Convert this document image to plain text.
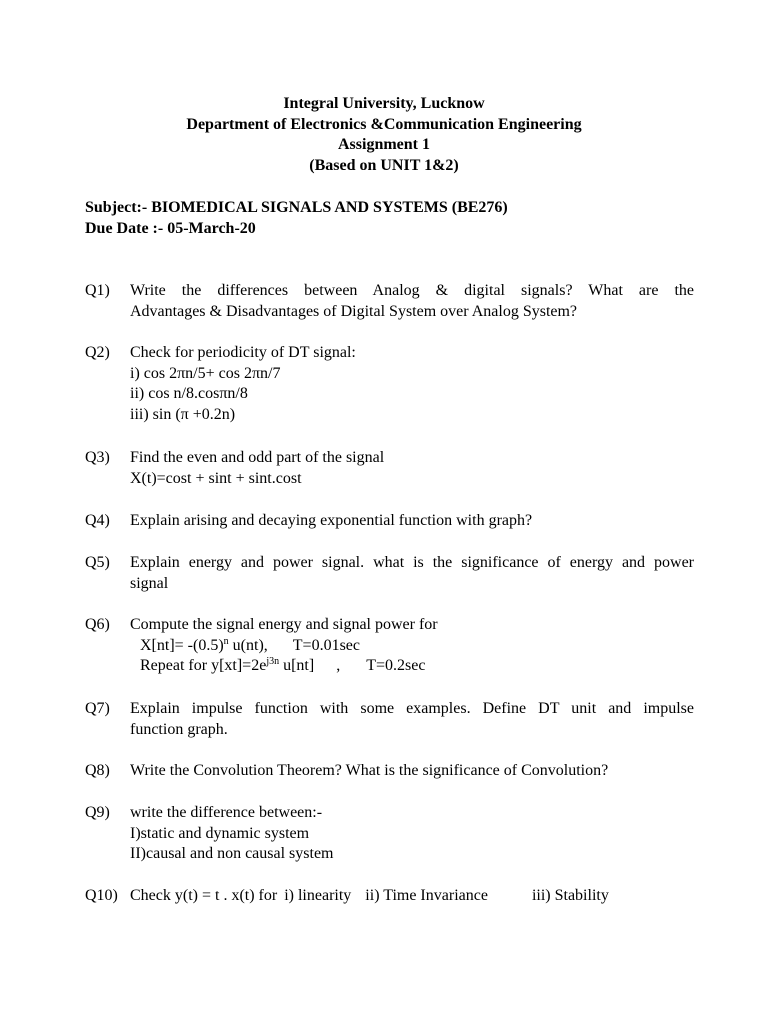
Integral University, Lucknow
Department of Electronics &Communication Engineering
Assignment 1
(Based on UNIT 1&2)
Subject:- BIOMEDICAL SIGNALS AND SYSTEMS (BE276)
Due Date :- 05-March-20
Q1)	Write the differences between Analog & digital signals? What are the
Advantages & Disadvantages of Digital System over Analog System?
Q2)	Check for periodicity of DT signal:
i) cos 2πn/5+ cos 2πn/7
ii) cos n/8.cosπn/8
iii) sin (π +0.2n)
Q3)	Find the even and odd part of the signal
X(t)=cost + sint + sint.cost
Q4)	Explain arising and decaying exponential function with graph?
Q5)	Explain energy and power signal. what is the significance of energy and power
signal
Q6)	Compute the signal energy and signal power for
$X[nt]= -(0.5)^n$ u(nt), T=0.01sec
Repeat for $y[xt]=2e^{j3n}$ u[nt] , T=0.2sec
Q7)	Explain impulse function with some examples. Define DT unit and impulse
function graph.
Q8)	Write the Convolution Theorem? What is the significance of Convolution?
Q9)	write the difference between:-
I)static and dynamic system
II)causal and non causal system
Q10) Check y(t) = t . x(t) for i) linearity ii) Time Invariance	iii) Stability
